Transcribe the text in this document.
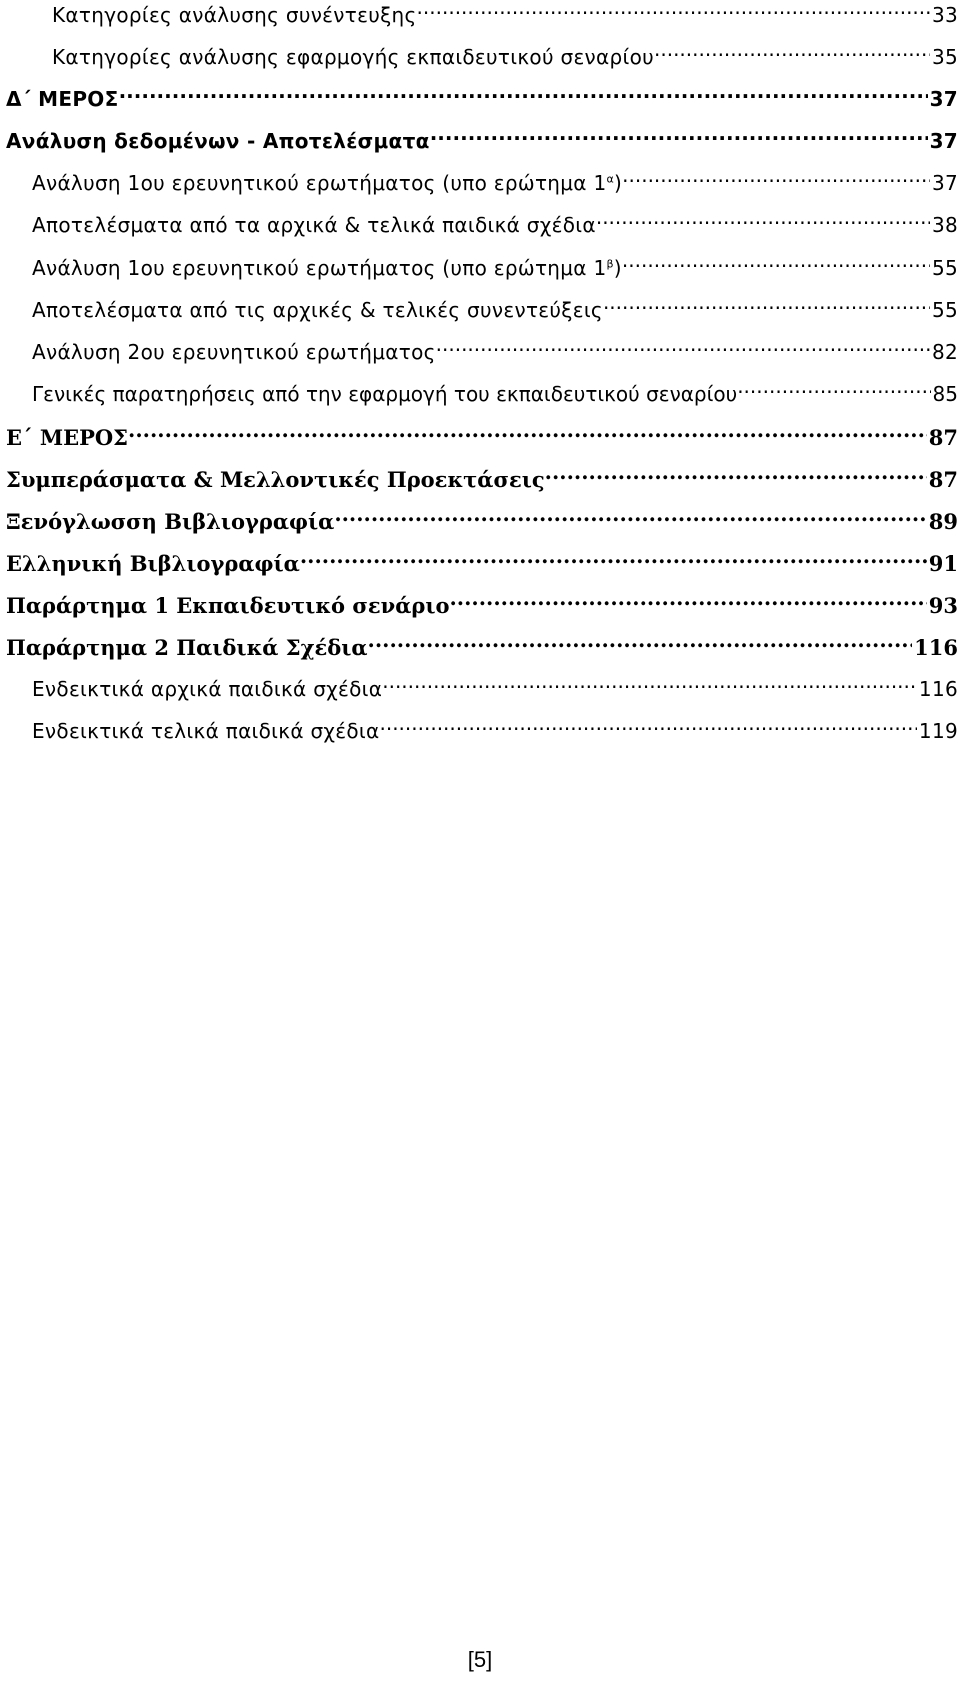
Κατηγορίες ανάλυσης συνέντευξης .....	33
Κατηγορίες ανάλυσης εφαρμογής εκπαιδευτικού σεναρίου .....	35
Δ΄ ΜΕΡΟΣ .....	37
Ανάλυση δεδομένων - Αποτελέσματα .....	37
Ανάλυση 1ου ερευνητικού ερωτήματος (υπο ερώτημα $1^\alpha$) .....	37
Αποτελέσματα από τα αρχικά & τελικά παιδικά σχέδια .....	38
Ανάλυση 1ου ερευνητικού ερωτήματος (υπο ερώτημα $1^\beta$) .....	55
Αποτελέσματα από τις αρχικές & τελικές συνεντεύξεις .....	55
Ανάλυση 2ου ερευνητικού ερωτήματος .....	82
Γενικές παρατηρήσεις από την εφαρμογή του εκπαιδευτικού σεναρίου .....	85
Ε΄ ΜΕΡΟΣ .....	87
Συμπεράσματα & Μελλοντικές Προεκτάσεις .....	87
Ξενόγλωσση Βιβλιογραφία .....	89
Ελληνική Βιβλιογραφία .....	91
Παράρτημα 1 Εκπαιδευτικό σενάριο .....	93
Παράρτημα 2 Παιδικά Σχέδια .....	116
Ενδεικτικά αρχικά παιδικά σχέδια .....	116
Ενδεικτικά τελικά παιδικά σχέδια .....	119
[5]
